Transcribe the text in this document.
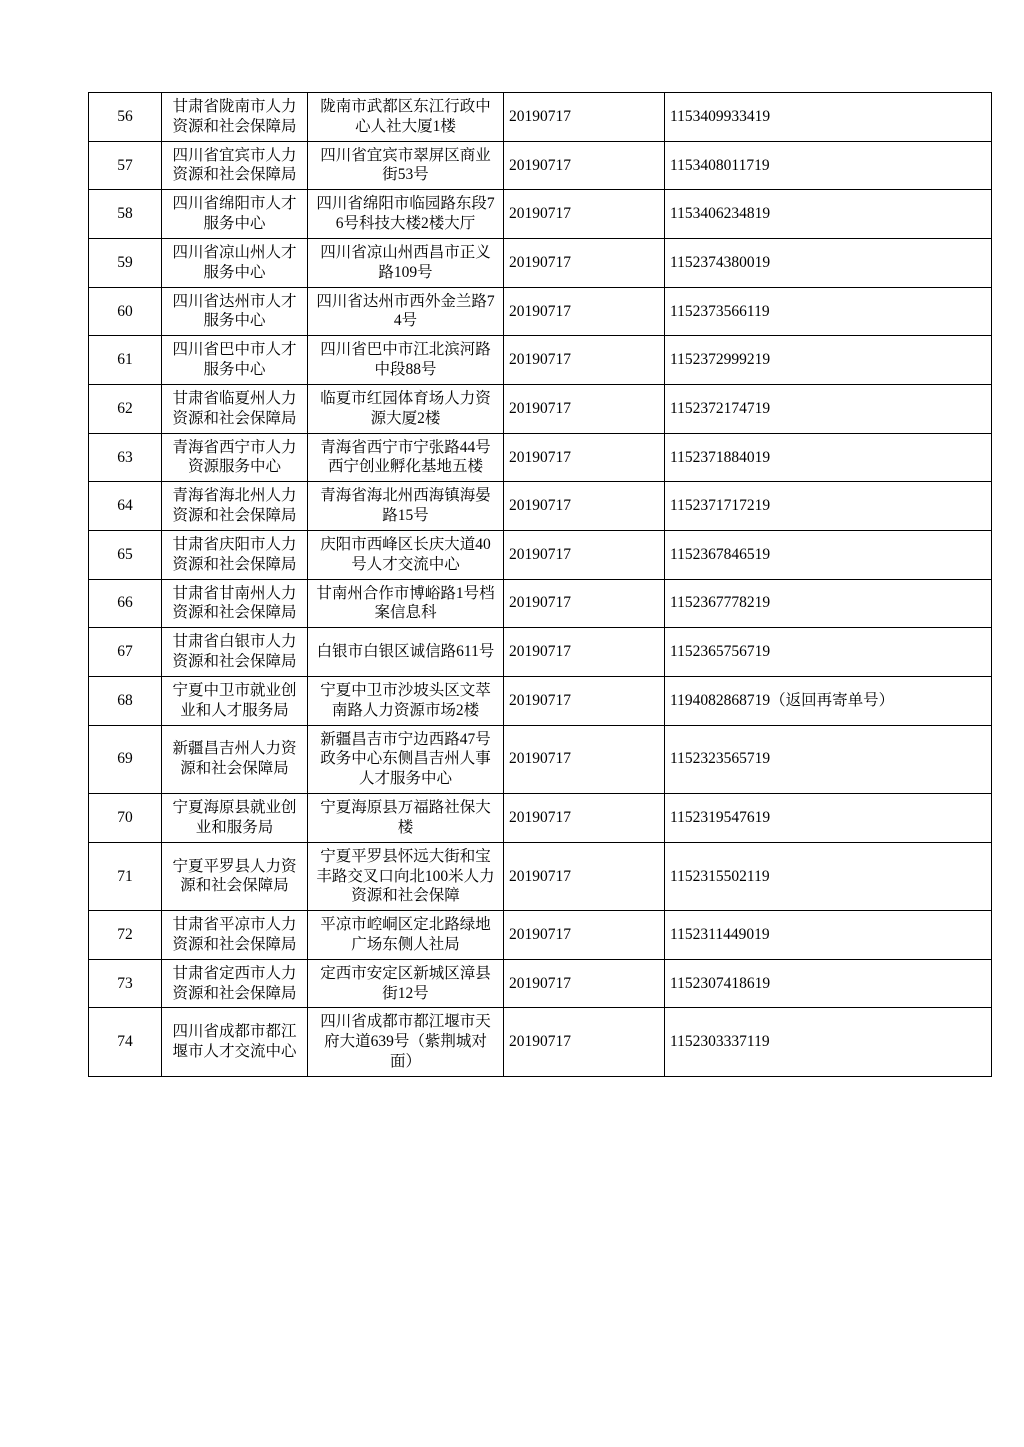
56	甘肃省陇南市人力资源和社会保障局	陇南市武都区东江行政中心人社大厦1楼	20190717	1153409933419
57	四川省宜宾市人力资源和社会保障局	四川省宜宾市翠屏区商业街53号	20190717	1153408011719
58	四川省绵阳市人才服务中心	四川省绵阳市临园路东段76号科技大楼2楼大厅	20190717	1153406234819
59	四川省凉山州人才服务中心	四川省凉山州西昌市正义路109号	20190717	1152374380019
60	四川省达州市人才服务中心	四川省达州市西外金兰路74号	20190717	1152373566119
61	四川省巴中市人才服务中心	四川省巴中市江北滨河路中段88号	20190717	1152372999219
62	甘肃省临夏州人力资源和社会保障局	临夏市红园体育场人力资源大厦2楼	20190717	1152372174719
63	青海省西宁市人力资源服务中心	青海省西宁市宁张路44号西宁创业孵化基地五楼	20190717	1152371884019
64	青海省海北州人力资源和社会保障局	青海省海北州西海镇海晏路15号	20190717	1152371717219
65	甘肃省庆阳市人力资源和社会保障局	庆阳市西峰区长庆大道40号人才交流中心	20190717	1152367846519
66	甘肃省甘南州人力资源和社会保障局	甘南州合作市博峪路1号档案信息科	20190717	1152367778219
67	甘肃省白银市人力资源和社会保障局	白银市白银区诚信路611号	20190717	1152365756719
68	宁夏中卫市就业创业和人才服务局	宁夏中卫市沙坡头区文萃南路人力资源市场2楼	20190717	1194082868719（返回再寄单号）
69	新疆昌吉州人力资源和社会保障局	新疆昌吉市宁边西路47号政务中心东侧昌吉州人事人才服务中心	20190717	1152323565719
70	宁夏海原县就业创业和服务局	宁夏海原县万福路社保大楼	20190717	1152319547619
71	宁夏平罗县人力资源和社会保障局	宁夏平罗县怀远大街和宝丰路交叉口向北100米人力资源和社会保障	20190717	1152315502119
72	甘肃省平凉市人力资源和社会保障局	平凉市崆峒区定北路绿地广场东侧人社局	20190717	1152311449019
73	甘肃省定西市人力资源和社会保障局	定西市安定区新城区漳县街12号	20190717	1152307418619
74	四川省成都市都江堰市人才交流中心	四川省成都市都江堰市天府大道639号（紫荆城对面）	20190717	1152303337119
